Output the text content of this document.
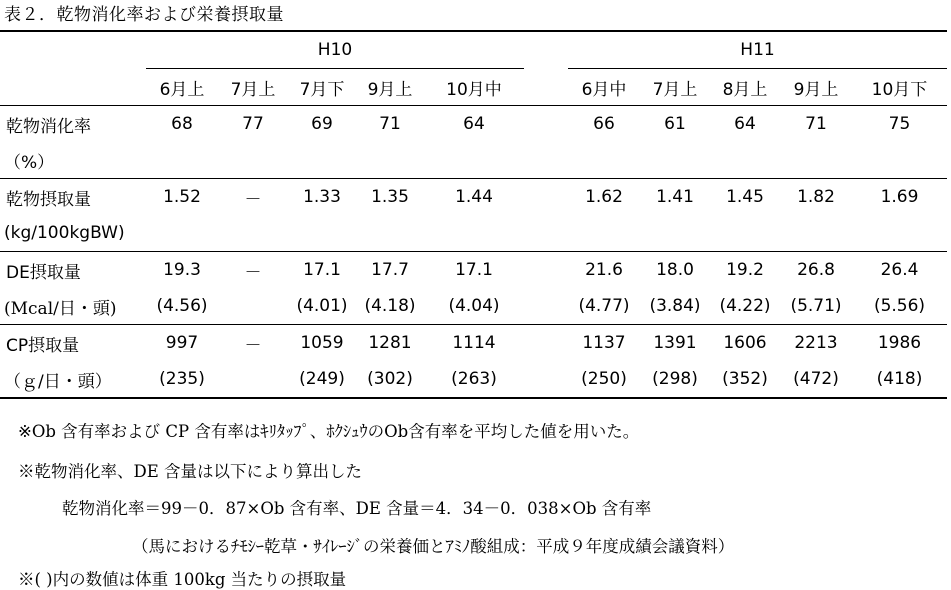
表２．乾物消化率および栄養摂取量
	H10						H11				
	6月上	7月上	7月下	9月上	10月中		6月中	7月上	8月上	9月上	10月下
乾物消化率	68	77	69	71	64		66	61	64	71	75
（%）											
乾物摂取量	1.52	－	1.33	1.35	1.44		1.62	1.41	1.45	1.82	1.69
(kg/100kgBW)											
DE摂取量	19.3	－	17.1	17.7	17.1		21.6	18.0	19.2	26.8	26.4
(Mcal/日・頭)	(4.56)		(4.01)	(4.18)	(4.04)		(4.77)	(3.84)	(4.22)	(5.71)	(5.56)
CP摂取量	997	－	1059	1281	1114		1137	1391	1606	2213	1986
（ｇ/日・頭）	(235)		(249)	(302)	(263)		(250)	(298)	(352)	(472)	(418)
※Ob 含有率および CP 含有率はｷﾘﾀｯﾌﾟ、ﾎｸｼｭｳのOb含有率を平均した値を用いた。
※乾物消化率、DE 含量は以下により算出した
乾物消化率＝99－0．87×Ob 含有率、DE 含量＝4．34－0．038×Ob 含有率
（馬におけるﾁﾓｼｰ乾草・ｻｲﾚｰｼﾞの栄養価とｱﾐﾉ酸組成：平成９年度成績会議資料）
※( )内の数値は体重 100kg 当たりの摂取量
